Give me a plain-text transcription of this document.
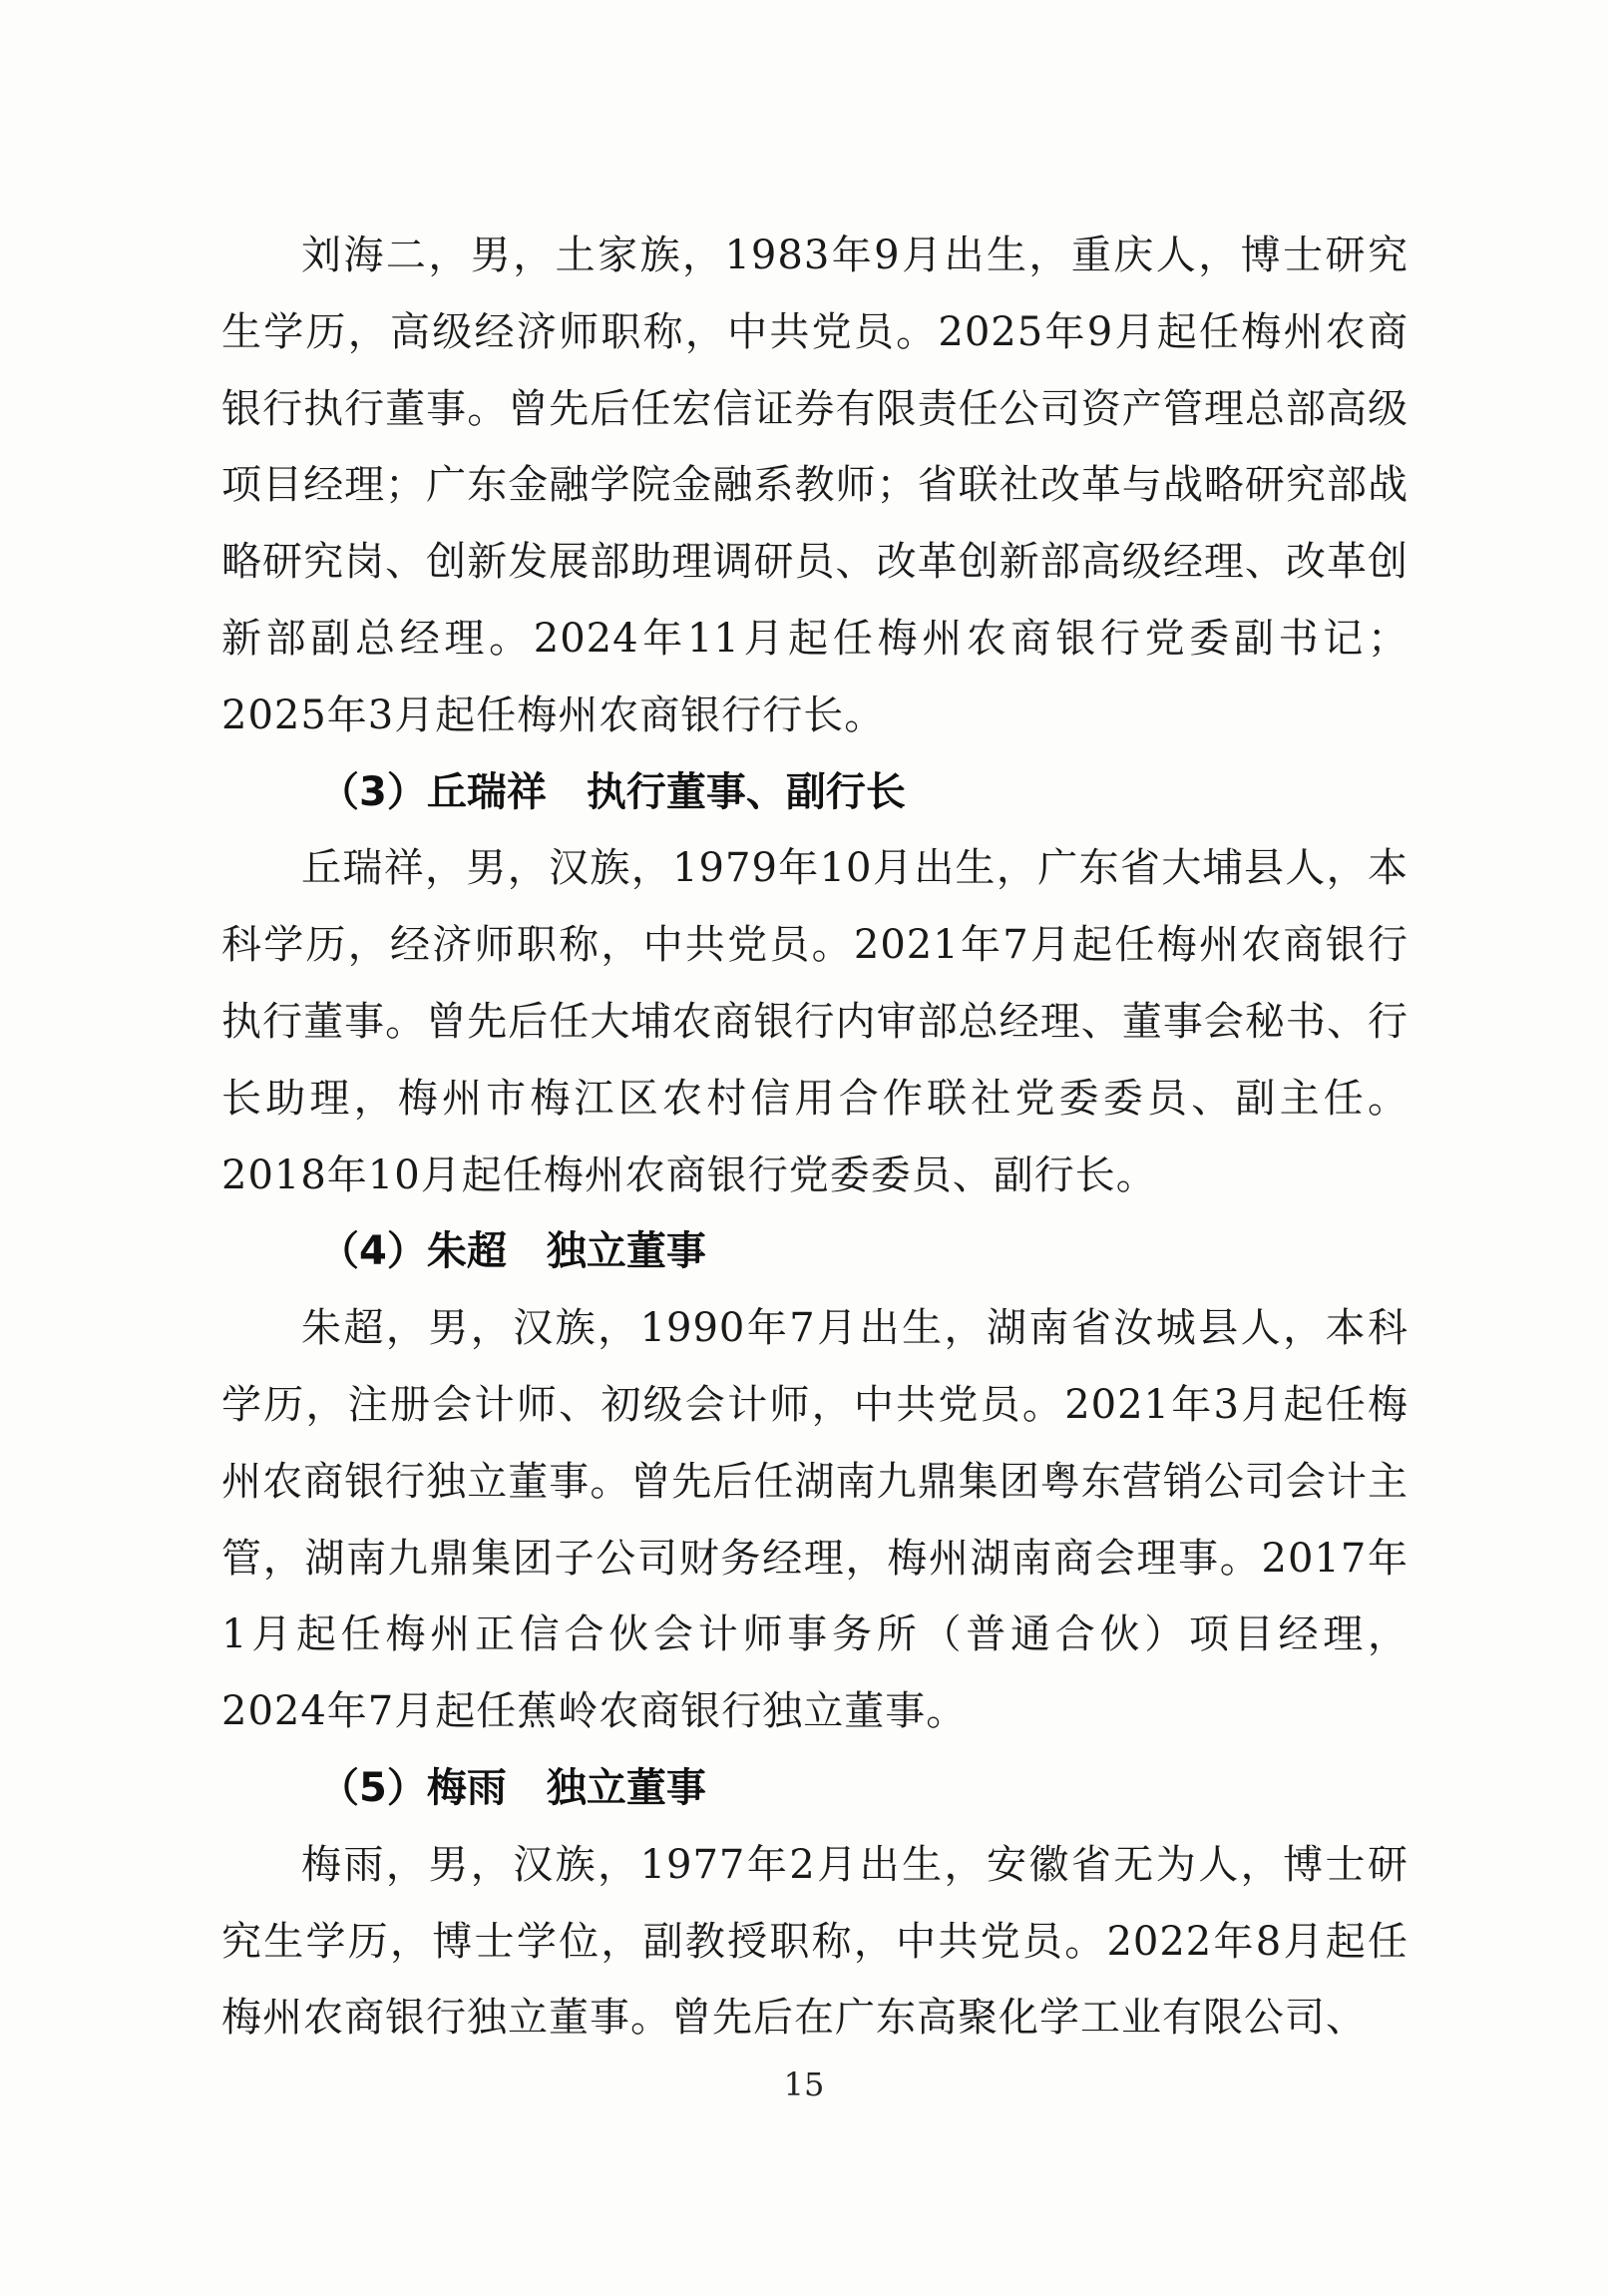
刘海二，男，土家族，1983年9月出生，重庆人，博士研究生学历，高级经济师职称，中共党员。2025年9月起任梅州农商银行执行董事。曾先后任宏信证券有限责任公司资产管理总部高级项目经理；广东金融学院金融系教师；省联社改革与战略研究部战略研究岗、创新发展部助理调研员、改革创新部高级经理、改革创新部副总经理。2024年11月起任梅州农商银行党委副书记；2025年3月起任梅州农商银行行长。

（3）丘瑞祥 执行董事、副行长

丘瑞祥，男，汉族，1979年10月出生，广东省大埔县人，本科学历，经济师职称，中共党员。2021年7月起任梅州农商银行执行董事。曾先后任大埔农商银行内审部总经理、董事会秘书、行长助理，梅州市梅江区农村信用合作联社党委委员、副主任。2018年10月起任梅州农商银行党委委员、副行长。

（4）朱超 独立董事

朱超，男，汉族，1990年7月出生，湖南省汝城县人，本科学历，注册会计师、初级会计师，中共党员。2021年3月起任梅州农商银行独立董事。曾先后任湖南九鼎集团粤东营销公司会计主管，湖南九鼎集团子公司财务经理，梅州湖南商会理事。2017年1月起任梅州正信合伙会计师事务所（普通合伙）项目经理，2024年7月起任蕉岭农商银行独立董事。

（5）梅雨 独立董事

梅雨，男，汉族，1977年2月出生，安徽省无为人，博士研究生学历，博士学位，副教授职称，中共党员。2022年8月起任梅州农商银行独立董事。曾先后在广东高聚化学工业有限公司、

15
